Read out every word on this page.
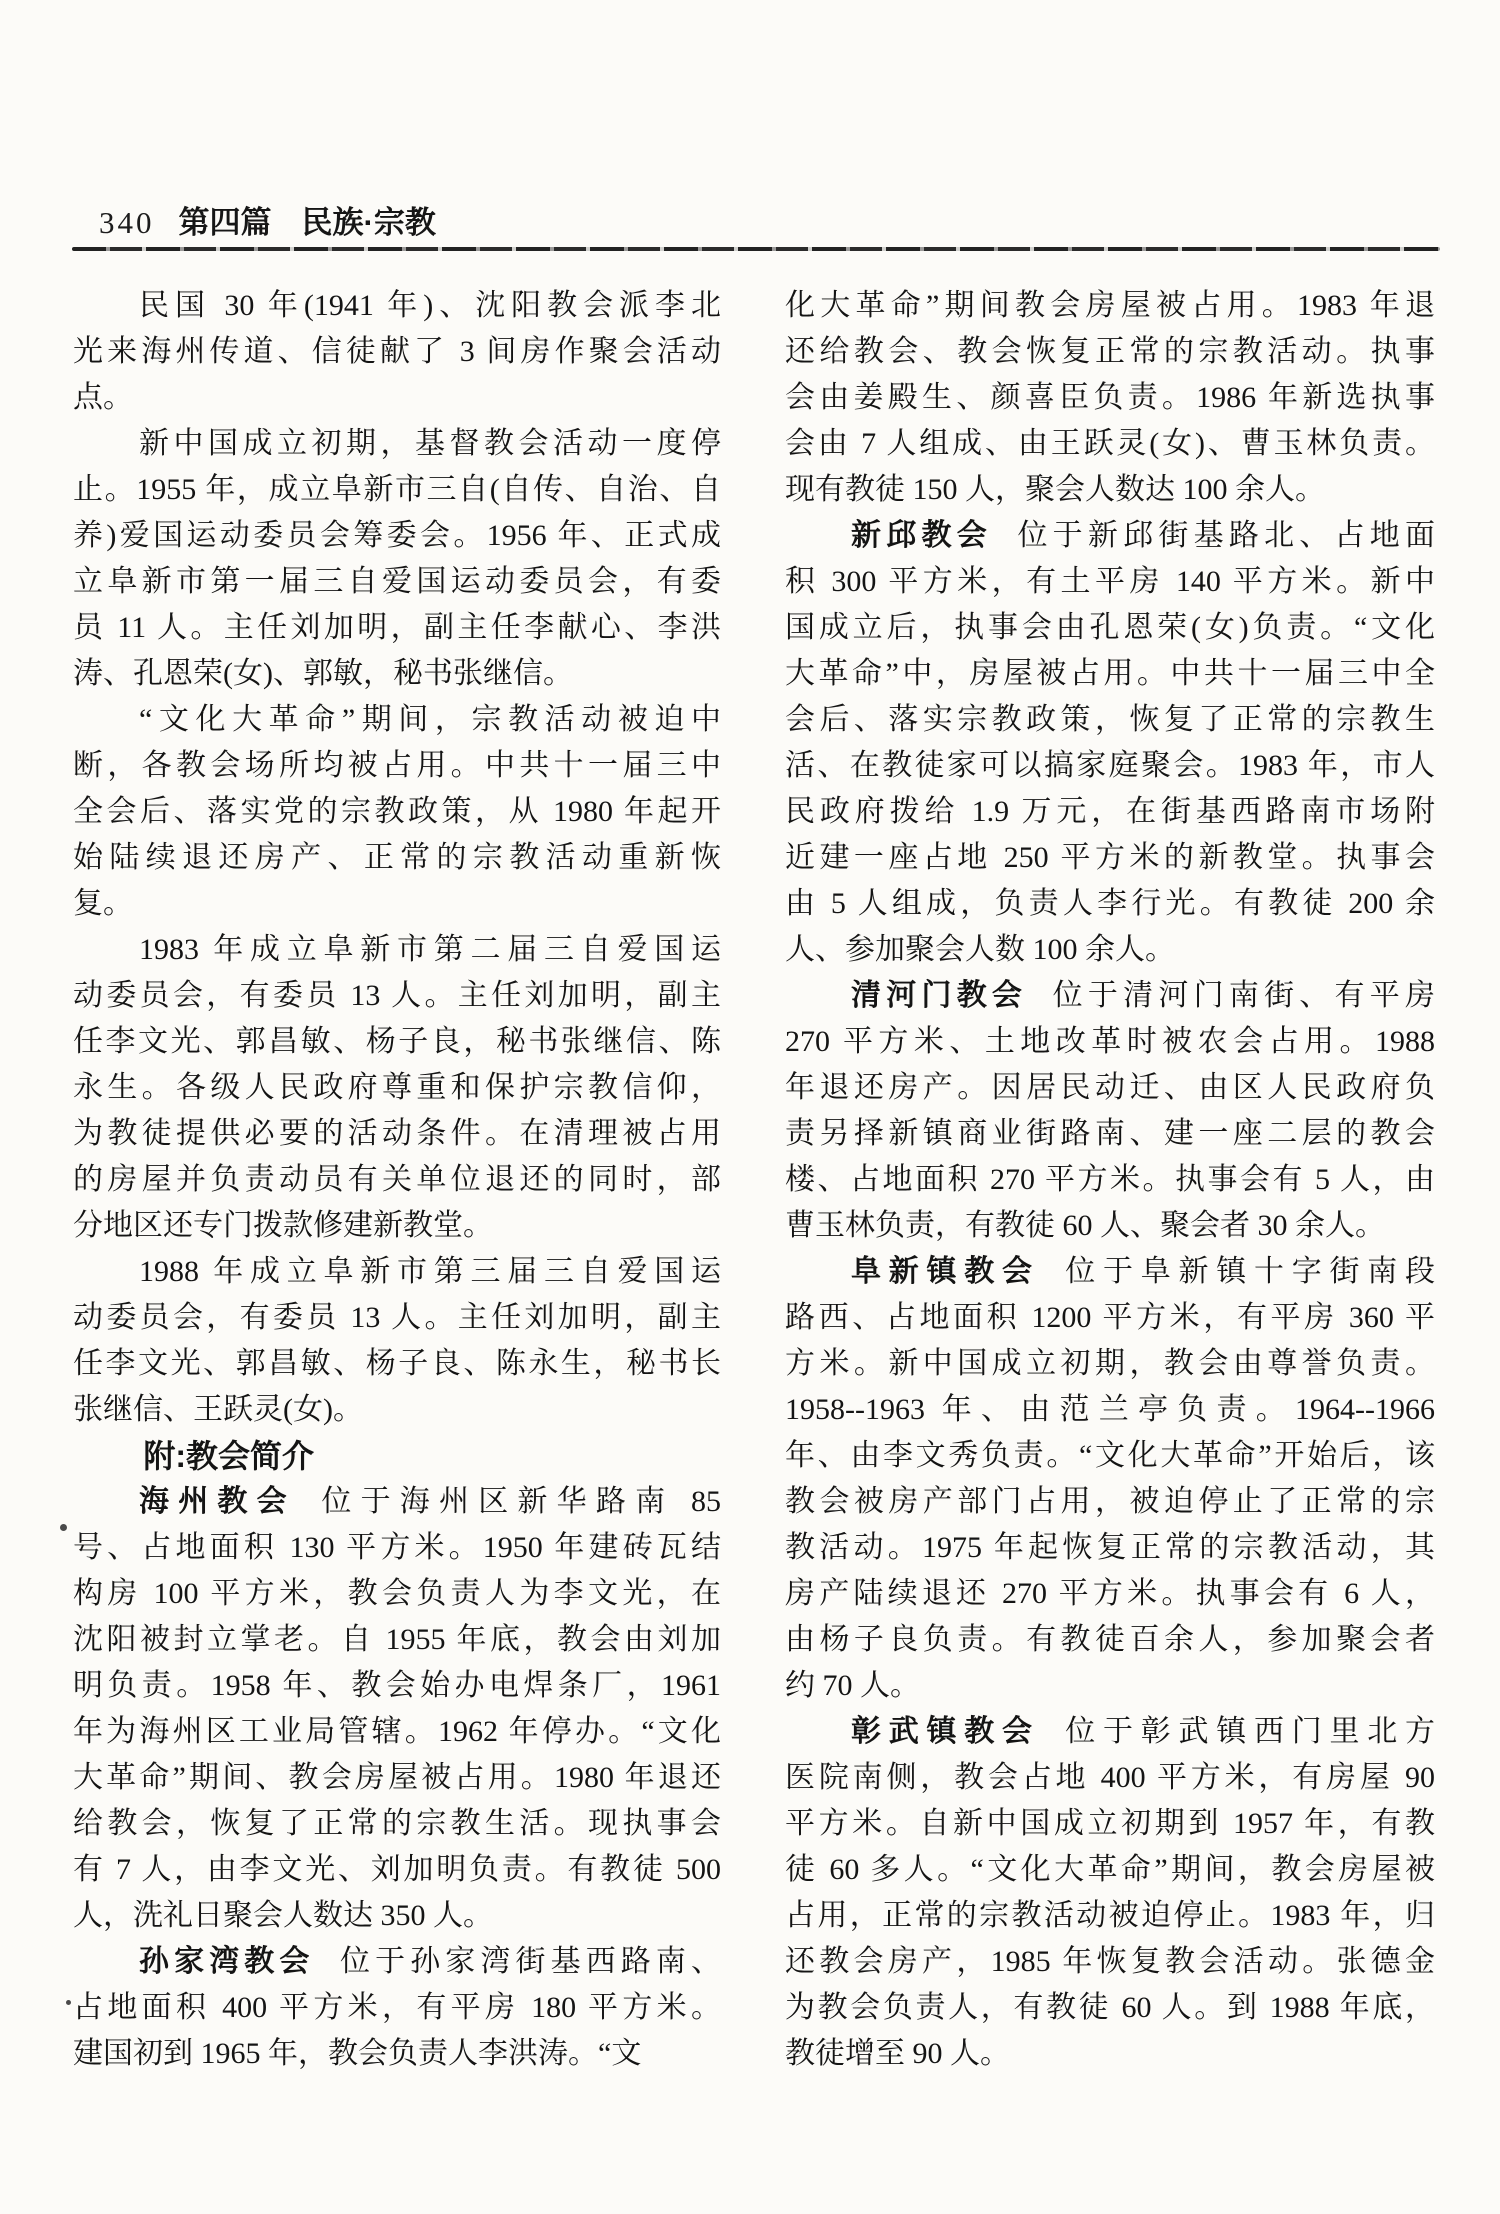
340 第四篇 民族·宗教
民国 30 年(1941 年)、沈阳教会派李北
光来海州传道、信徒献了 3 间房作聚会活动
点。
新中国成立初期，基督教会活动一度停
止。1955 年，成立阜新市三自(自传、自治、自
养)爱国运动委员会筹委会。1956 年、正式成
立阜新市第一届三自爱国运动委员会，有委
员 11 人。主任刘加明，副主任李献心、李洪
涛、孔恩荣(女)、郭敏，秘书张继信。
“文化大革命”期间，宗教活动被迫中
断，各教会场所均被占用。中共十一届三中
全会后、落实党的宗教政策，从 1980 年起开
始陆续退还房产、正常的宗教活动重新恢
复。
1983 年成立阜新市第二届三自爱国运
动委员会，有委员 13 人。主任刘加明，副主
任李文光、郭昌敏、杨子良，秘书张继信、陈
永生。各级人民政府尊重和保护宗教信仰，
为教徒提供必要的活动条件。在清理被占用
的房屋并负责动员有关单位退还的同时，部
分地区还专门拨款修建新教堂。
1988 年成立阜新市第三届三自爱国运
动委员会，有委员 13 人。主任刘加明，副主
任李文光、郭昌敏、杨子良、陈永生，秘书长
张继信、王跃灵(女)。
附:教会简介
海州教会 位于海州区新华路南 85
号、占地面积 130 平方米。1950 年建砖瓦结
构房 100 平方米，教会负责人为李文光，在
沈阳被封立掌老。自 1955 年底，教会由刘加
明负责。1958 年、教会始办电焊条厂，1961
年为海州区工业局管辖。1962 年停办。“文化
大革命”期间、教会房屋被占用。1980 年退还
给教会，恢复了正常的宗教生活。现执事会
有 7 人，由李文光、刘加明负责。有教徒 500
人，洗礼日聚会人数达 350 人。
孙家湾教会 位于孙家湾街基西路南、
占地面积 400 平方米，有平房 180 平方米。
建国初到 1965 年，教会负责人李洪涛。“文
化大革命”期间教会房屋被占用。1983 年退
还给教会、教会恢复正常的宗教活动。执事
会由姜殿生、颜喜臣负责。1986 年新选执事
会由 7 人组成、由王跃灵(女)、曹玉林负责。
现有教徒 150 人，聚会人数达 100 余人。
新邱教会 位于新邱街基路北、占地面
积 300 平方米，有土平房 140 平方米。新中
国成立后，执事会由孔恩荣(女)负责。“文化
大革命”中，房屋被占用。中共十一届三中全
会后、落实宗教政策，恢复了正常的宗教生
活、在教徒家可以搞家庭聚会。1983 年，市人
民政府拨给 1.9 万元，在街基西路南市场附
近建一座占地 250 平方米的新教堂。执事会
由 5 人组成，负责人李行光。有教徒 200 余
人、参加聚会人数 100 余人。
清河门教会 位于清河门南街、有平房
270 平方米、土地改革时被农会占用。1988
年退还房产。因居民动迁、由区人民政府负
责另择新镇商业街路南、建一座二层的教会
楼、占地面积 270 平方米。执事会有 5 人，由
曹玉林负责，有教徒 60 人、聚会者 30 余人。
阜新镇教会 位于阜新镇十字街南段
路西、占地面积 1200 平方米，有平房 360 平
方米。新中国成立初期，教会由尊誉负责。
1958--1963 年、由范兰亭负责。1964--1966
年、由李文秀负责。“文化大革命”开始后，该
教会被房产部门占用，被迫停止了正常的宗
教活动。1975 年起恢复正常的宗教活动，其
房产陆续退还 270 平方米。执事会有 6 人，
由杨子良负责。有教徒百余人，参加聚会者
约 70 人。
彰武镇教会 位于彰武镇西门里北方
医院南侧，教会占地 400 平方米，有房屋 90
平方米。自新中国成立初期到 1957 年，有教
徒 60 多人。“文化大革命”期间，教会房屋被
占用，正常的宗教活动被迫停止。1983 年，归
还教会房产，1985 年恢复教会活动。张德金
为教会负责人，有教徒 60 人。到 1988 年底，
教徒增至 90 人。
